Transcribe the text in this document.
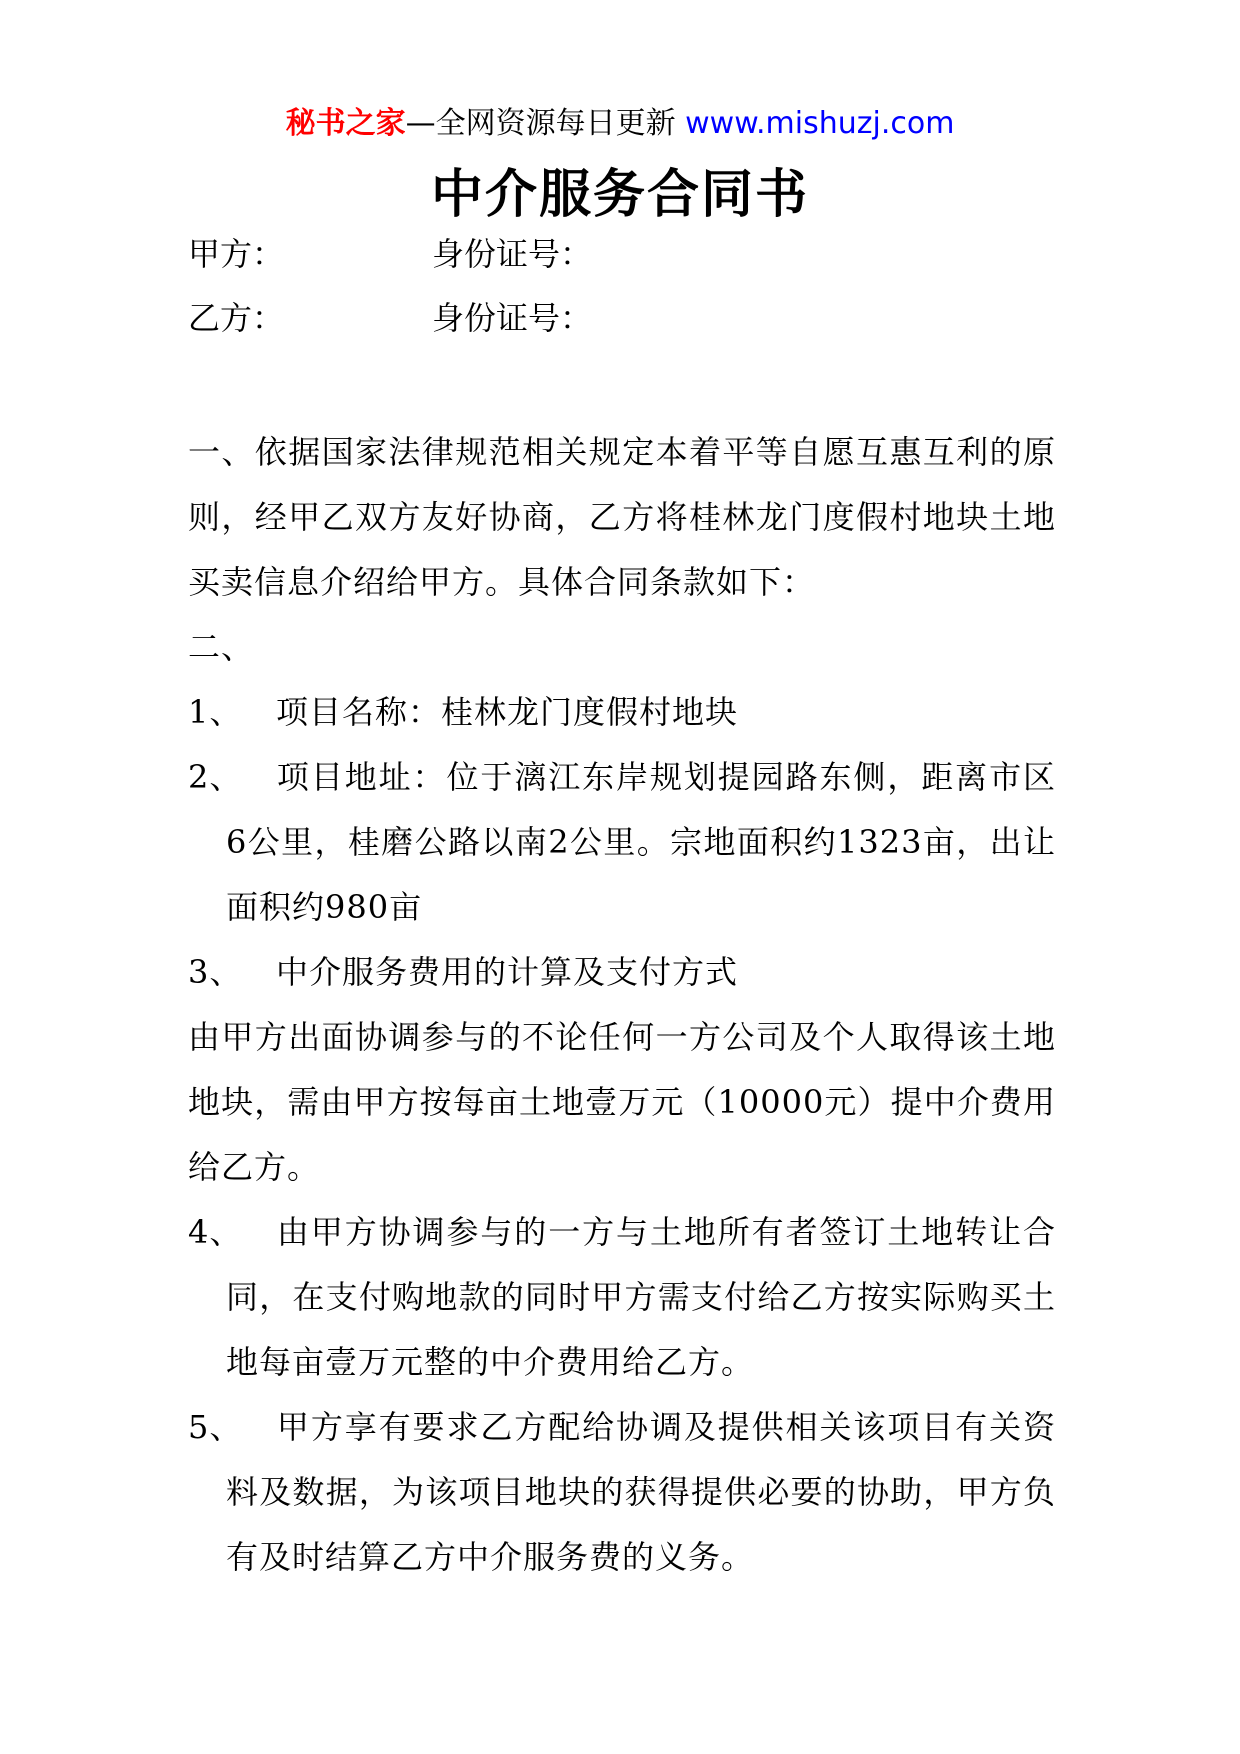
秘书之家—全网资源每日更新 www.mishuzj.com
中介服务合同书
甲方：	身份证号：
乙方：	身份证号：

一、依据国家法律规范相关规定本着平等自愿互惠互利的原则，经甲乙双方友好协商，乙方将桂林龙门度假村地块土地买卖信息介绍给甲方。具体合同条款如下：

二、

1、 项目名称：桂林龙门度假村地块

2、 项目地址：位于漓江东岸规划提园路东侧，距离市区6公里，桂磨公路以南2公里。宗地面积约1323亩，出让面积约980亩

3、 中介服务费用的计算及支付方式

由甲方出面协调参与的不论任何一方公司及个人取得该土地地块，需由甲方按每亩土地壹万元（10000元）提中介费用给乙方。

4、 由甲方协调参与的一方与土地所有者签订土地转让合同，在支付购地款的同时甲方需支付给乙方按实际购买土地每亩壹万元整的中介费用给乙方。

5、 甲方享有要求乙方配给协调及提供相关该项目有关资料及数据，为该项目地块的获得提供必要的协助，甲方负有及时结算乙方中介服务费的义务。
